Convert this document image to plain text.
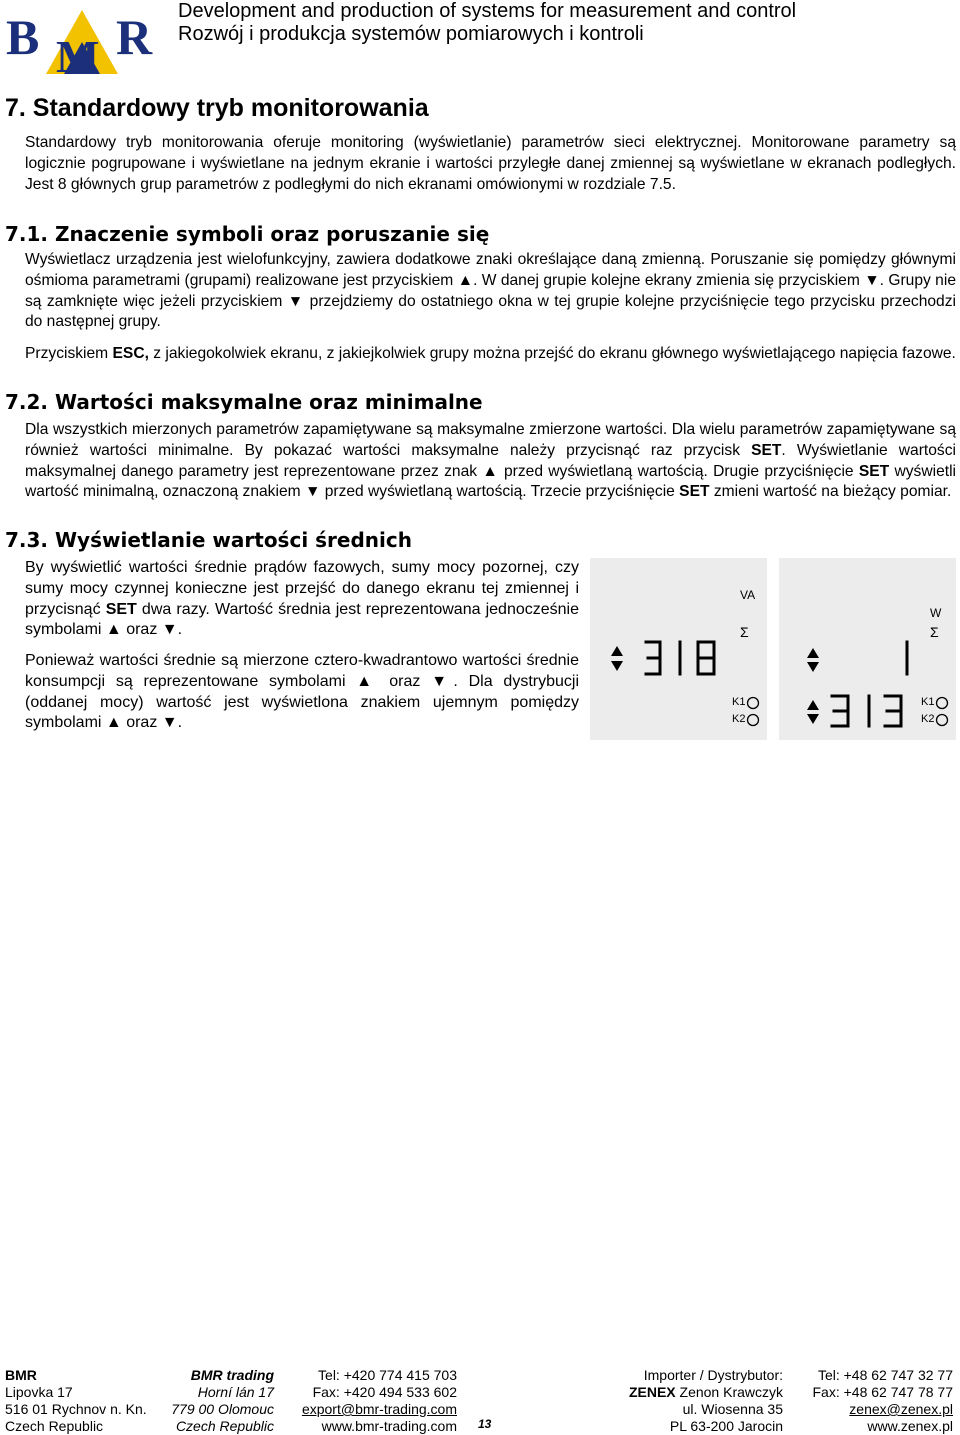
B M R Development and production of systems for measurement and control
Rozwój i produkcja systemów pomiarowych i kontroli
7. Standardowy tryb monitorowania

Standardowy tryb monitorowania oferuje monitoring (wyświetlanie) parametrów sieci elektrycznej. Monitorowane parametry są logicznie pogrupowane i wyświetlane na jednym ekranie i wartości przyległe danej zmiennej są wyświetlane w ekranach podległych. Jest 8 głównych grup parametrów z podległymi do nich ekranami omówionymi w rozdziale 7.5.

7.1. Znaczenie symboli oraz poruszanie się

Wyświetlacz urządzenia jest wielofunkcyjny, zawiera dodatkowe znaki określające daną zmienną. Poruszanie się pomiędzy głównymi ośmioma parametrami (grupami) realizowane jest przyciskiem ▲. W danej grupie kolejne ekrany zmienia się przyciskiem ▼. Grupy nie są zamknięte więc jeżeli przyciskiem ▼ przejdziemy do ostatniego okna w tej grupie kolejne przyciśnięcie tego przycisku przechodzi do następnej grupy.

Przyciskiem ESC, z jakiegokolwiek ekranu, z jakiejkolwiek grupy można przejść do ekranu głównego wyświetlającego napięcia fazowe.

7.2. Wartości maksymalne oraz minimalne

Dla wszystkich mierzonych parametrów zapamiętywane są maksymalne zmierzone wartości. Dla wielu parametrów zapamiętywane są również wartości minimalne. By pokazać wartości maksymalne należy przycisnąć raz przycisk SET. Wyświetlanie wartości maksymalnej danego parametry jest reprezentowane przez znak ▲ przed wyświetlaną wartością. Drugie przyciśnięcie SET wyświetli wartość minimalną, oznaczoną znakiem ▼ przed wyświetlaną wartością. Trzecie przyciśnięcie SET zmieni wartość na bieżący pomiar.

7.3. Wyświetlanie wartości średnich

By wyświetlić wartości średnie prądów fazowych, sumy mocy pozornej, czy sumy mocy czynnej konieczne jest przejść do danego ekranu tej zmiennej i przycisnąć SET dwa razy. Wartość średnia jest reprezentowana jednocześnie symbolami ▲ oraz ▼.

Ponieważ wartości średnie są mierzone cztero-kwadrantowo wartości średnie konsumpcji są reprezentowane symbolami ▲ oraz ▼. Dla dystrybucji (oddanej mocy) wartość jest wyświetlona znakiem ujemnym pomiędzy symbolami ▲ oraz ▼.

VA
Σ
K1
K2
W
Σ
K1
K2
BMR
Lipovka 17
516 01 Rychnov n. Kn.
Czech Republic
BMR trading
Horní lán 17
779 00 Olomouc
Czech Republic
Tel: +420 774 415 703
Fax: +420 494 533 602
export@bmr-trading.com
www.bmr-trading.com 13
Importer / Dystrybutor:
ZENEX Zenon Krawczyk
ul. Wiosenna 35
PL 63-200 Jarocin
Tel: +48 62 747 32 77
Fax: +48 62 747 78 77
zenex@zenex.pl
www.zenex.pl
